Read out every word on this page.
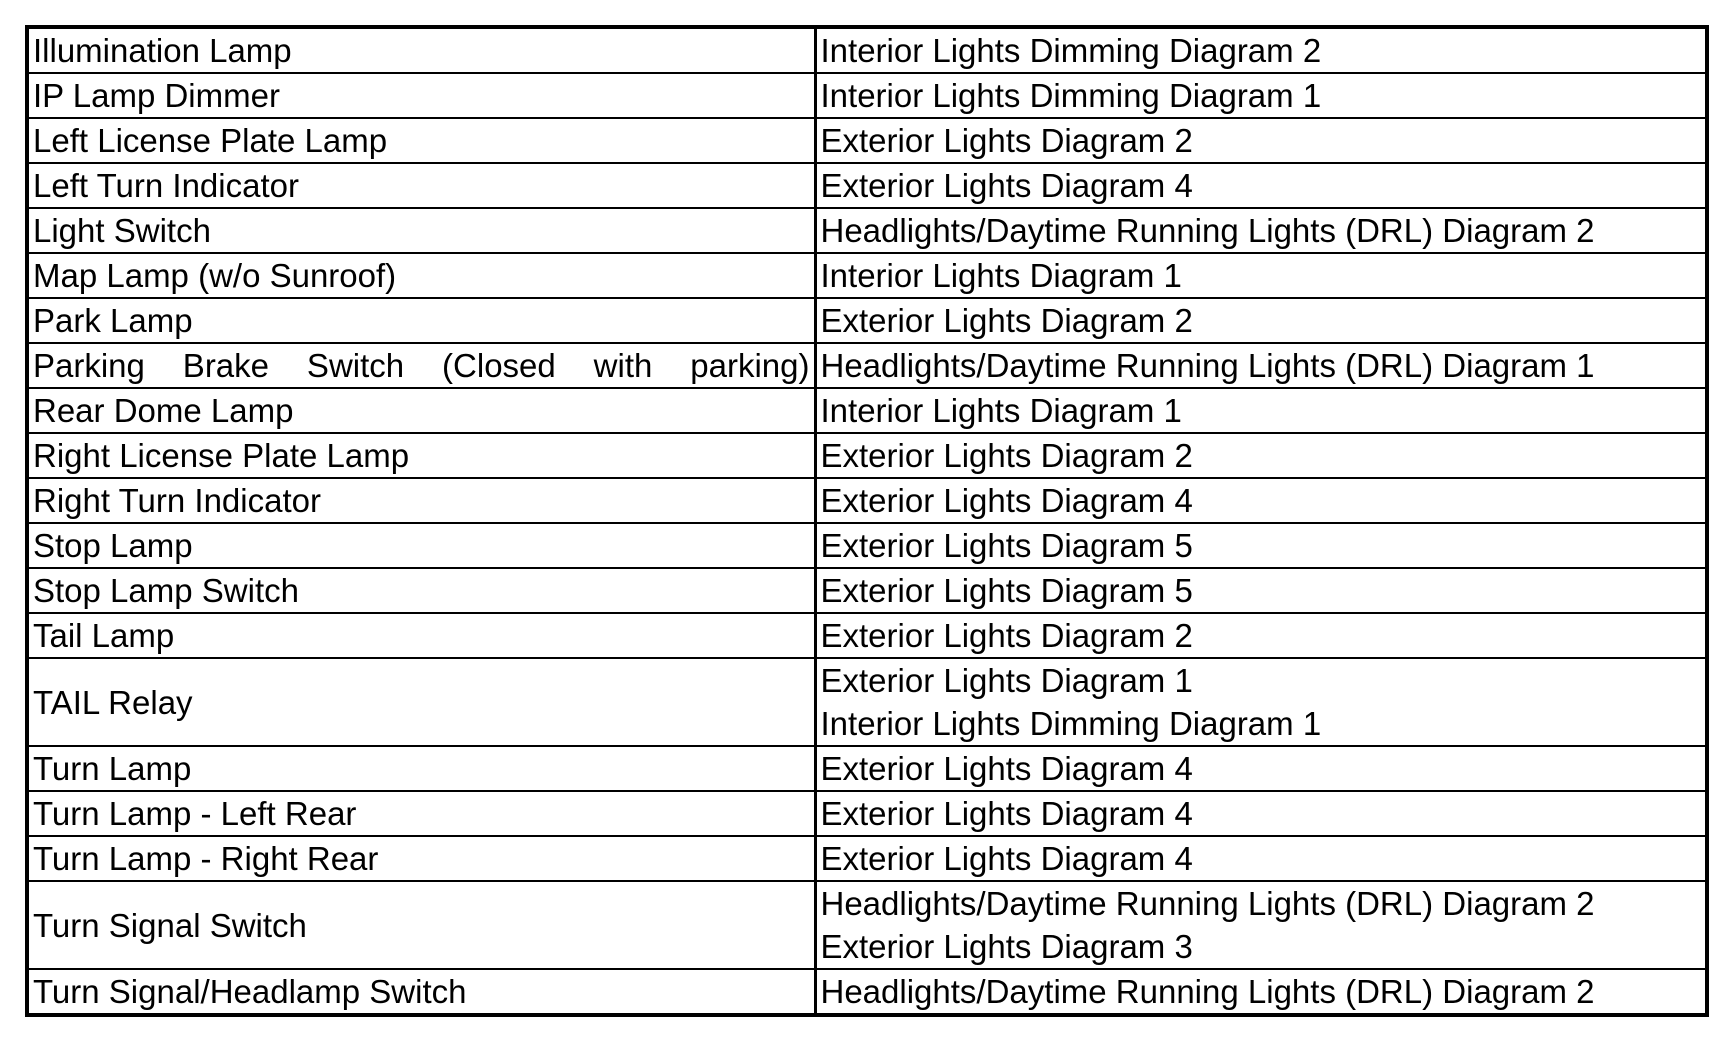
Illumination Lamp	Interior Lights Dimming Diagram 2

IP Lamp Dimmer	Interior Lights Dimming Diagram 1

Left License Plate Lamp	Exterior Lights Diagram 2

Left Turn Indicator	Exterior Lights Diagram 4

Light Switch	Headlights/Daytime Running Lights (DRL) Diagram 2

Map Lamp (w/o Sunroof)	Interior Lights Diagram 1

Park Lamp	Exterior Lights Diagram 2

Parking Brake Switch (Closed with parking)	Headlights/Daytime Running Lights (DRL) Diagram 1

Rear Dome Lamp	Interior Lights Diagram 1

Right License Plate Lamp	Exterior Lights Diagram 2

Right Turn Indicator	Exterior Lights Diagram 4

Stop Lamp	Exterior Lights Diagram 5

Stop Lamp Switch	Exterior Lights Diagram 5

Tail Lamp	Exterior Lights Diagram 2

TAIL Relay	Exterior Lights Diagram 1
Interior Lights Dimming Diagram 1

Turn Lamp	Exterior Lights Diagram 4

Turn Lamp - Left Rear	Exterior Lights Diagram 4

Turn Lamp - Right Rear	Exterior Lights Diagram 4

Turn Signal Switch	Headlights/Daytime Running Lights (DRL) Diagram 2
Exterior Lights Diagram 3

Turn Signal/Headlamp Switch	Headlights/Daytime Running Lights (DRL) Diagram 2
